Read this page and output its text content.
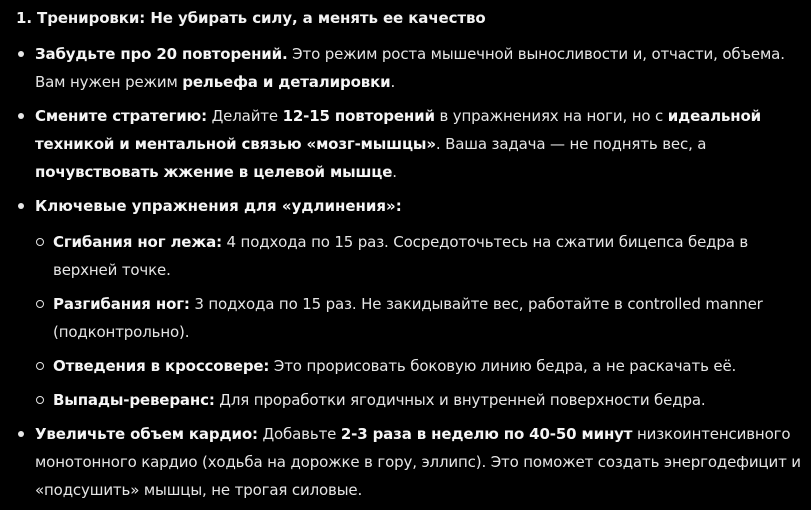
1. Тренировки: Не убирать силу, а менять ее качество
Забудьте про 20 повторений. Это режим роста мышечной выносливости и, отчасти, объема. Вам нужен режим рельефа и деталировки.
Смените стратегию: Делайте 12-15 повторений в упражнениях на ноги, но с идеальной техникой и ментальной связью «мозг-мышцы». Ваша задача — не поднять вес, а почувствовать жжение в целевой мышце.
Ключевые упражнения для «удлинения»:
Сгибания ног лежа: 4 подхода по 15 раз. Сосредоточьтесь на сжатии бицепса бедра в верхней точке.
Разгибания ног: 3 подхода по 15 раз. Не закидывайте вес, работайте в controlled manner (подконтрольно).
Отведения в кроссовере: Это прорисовать боковую линию бедра, а не раскачать её.
Выпады-реверанс: Для проработки ягодичных и внутренней поверхности бедра.
Увеличьте объем кардио: Добавьте 2-3 раза в неделю по 40-50 минут низкоинтенсивного монотонного кардио (ходьба на дорожке в гору, эллипс). Это поможет создать энергодефицит и «подсушить» мышцы, не трогая силовые.
